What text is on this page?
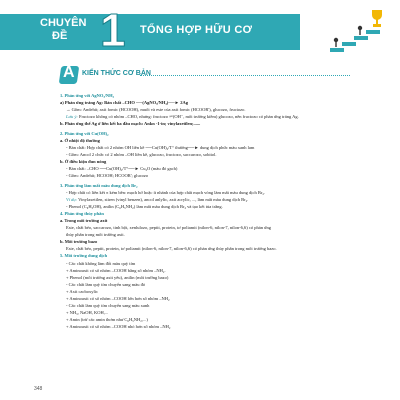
CHUYÊN
ĐỀ 1 TỔNG HỢP HỮU CƠ
A KIẾN THỨC CƠ BẢN
1. Phản ứng với AgNO₃/NH₃
a) Phản ứng tráng Ag: Bản chất –CHO ──(AgNO₃/NH₃)──► 2Ag
→ Gồm: Andehit; axit fomic (HCOOH), muối và este của axit fomic (HCOOR'), glucozo, fructozo.
Lưu ý: Fructozo không có nhóm –CHO, nhưng: fructozo ⇌(OH⁻, môi trường kiềm) glucozo, nên fructozo có phản ứng tráng Ag.
b. Phản ứng thế Ag ở liên kết ba đầu mạch: Ankn -1-in; vinylaxetilen;......
2. Phản ứng với Cu(OH)₂
a. Ở nhiệt độ thường
- Bản chất: Hợp chất có 2 nhóm OH liền kề ──Cu(OH)₂/T° thường──► dung dịch phức màu xanh lam
- Gồm: Ancol 2 chức có 2 nhóm –OH liền kề, glucozo, fructozo, saccarozo, sobitol.
b. Ở điều kiện đun nóng
- Bản chất: –CHO ──Cu(OH)₂/T°──► Cu₂O (màu đỏ gạch)
- Gồm: Andehit; HCOOH; HCOOR'; glucozo
3. Phản ứng làm mất màu dung dịch Br₂
- Hợp chất có liên kết π kém bền: mạch hở hoặc ít nhánh của hợp chất mạch vòng làm mất màu dung dịch Br₂.
Ví dụ: Vinylaxetilen, stiren (vinyl benzen), ancol anlylic, axit acrylic, ..., làm mất màu dung dịch Br₂.
- Phenol (C₆H₅OH), anilin (C₆H₅NH₂) làm mất màu dung dịch Br₂ và tạo kết tủa trắng.
4. Phản ứng thủy phân
a. Trong môi trường axit
Este, chất béo, saccarozo, tinh bột, xenlulozo, peptit, protein, tơ poliamit (nilon-6, nilon-7, nilon-6,6) có phản ứng
thủy phân trong môi trường axit.
b. Môi trường bazo
Este, chất béo, peptit, protein, tơ poliamit (nilon-6, nilon-7, nilon-6,6) có phản ứng thủy phân trong môi trường bazo.
5. Môi trường dung dịch
- Các chất không làm đổi màu quỳ tím
+ Aminoaxit có số nhóm –COOH bằng số nhóm –NH₂.
+ Phenol (môi trường axit yếu), anilin (môi trường bazo)
- Các chất làm quỳ tím chuyển sang màu đỏ
+ Axit cacboxylic
+ Aminoaxit có số nhóm –COOH lớn hơn số nhóm –NH₂
- Các chất làm quỳ tím chuyển sang màu xanh
+ NH₃, NaOH, KOH,...
+ Amin (trừ các amin thơm như C₆H₅NH₂,...)
+ Aminoaxit có số nhóm –COOH nhỏ hơn số nhóm –NH₂
348
